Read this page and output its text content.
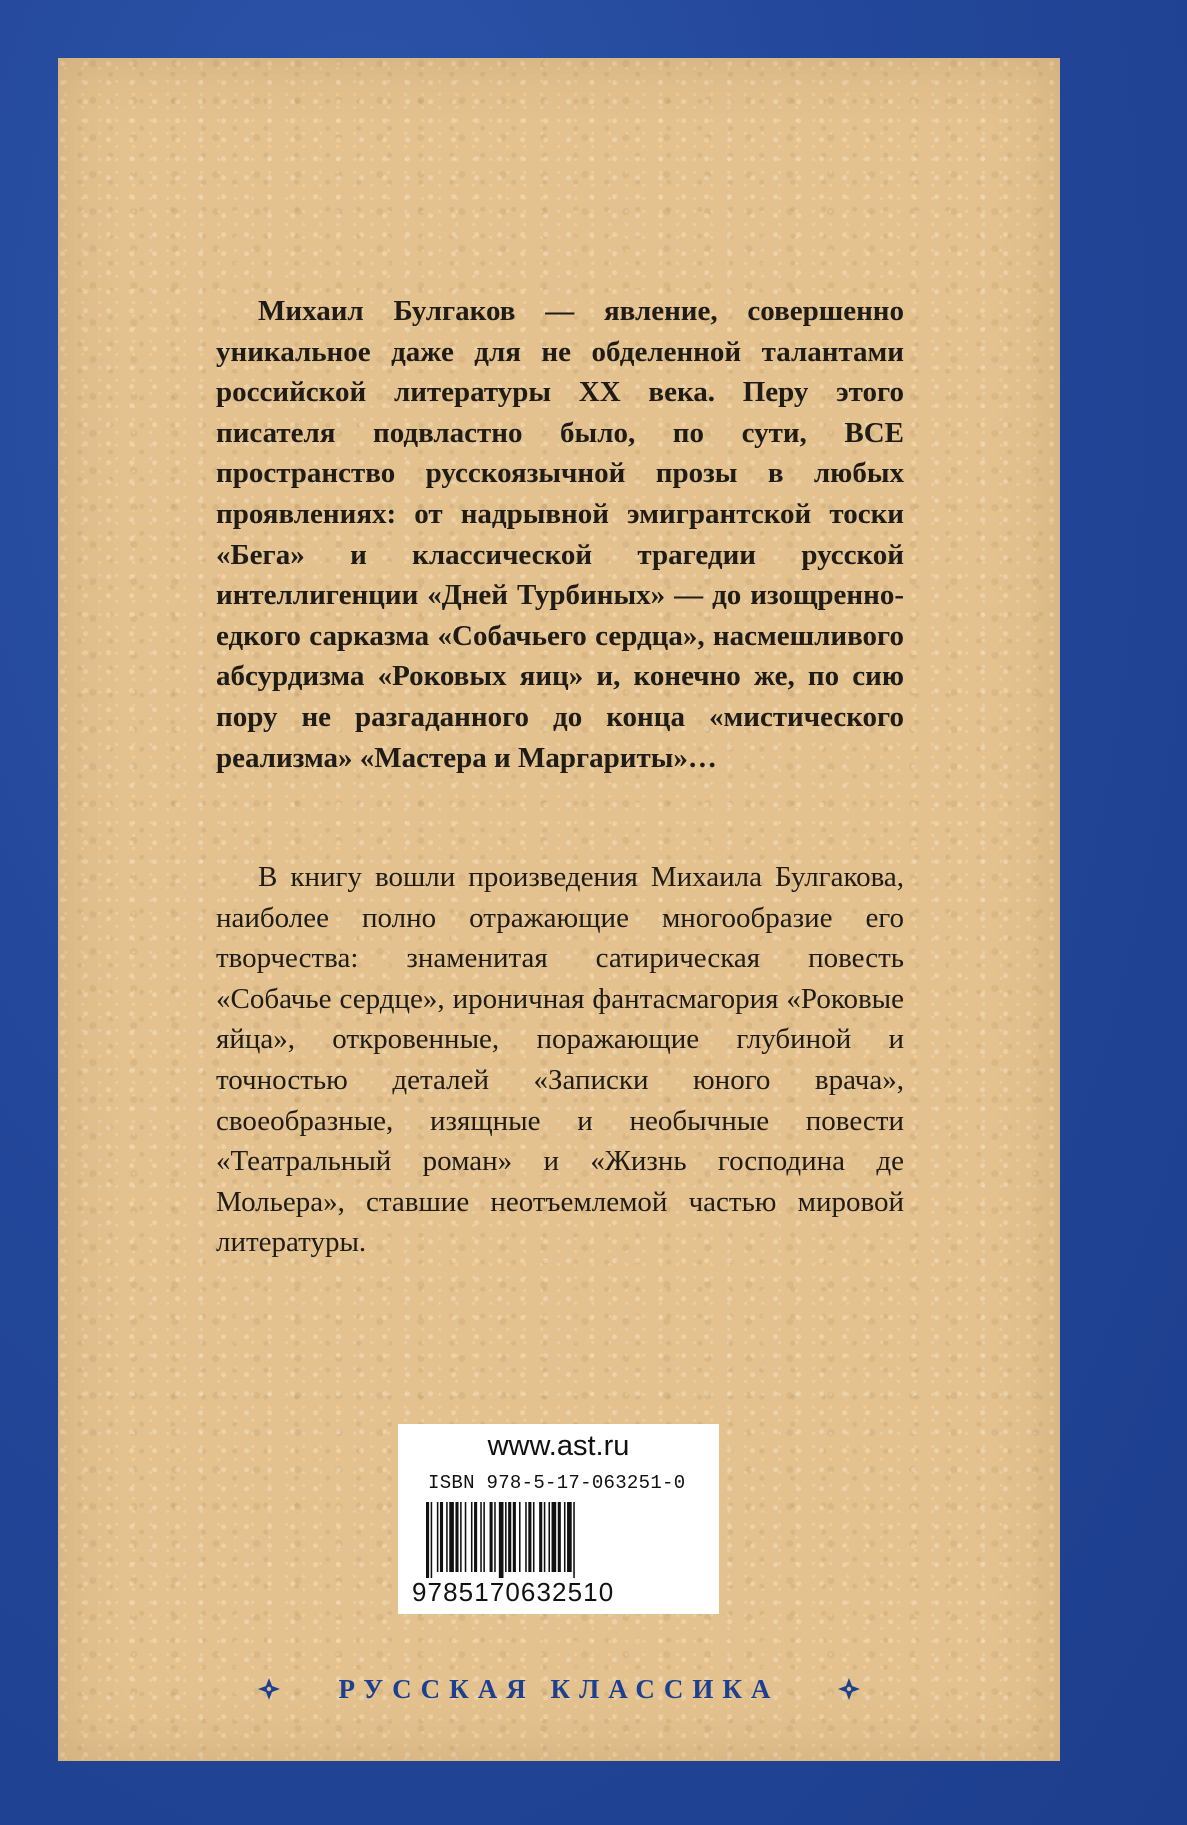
Михаил Булгаков — явление, совершенно уникальное даже для не обделенной талантами российской литературы XX века. Перу этого писателя подвластно было, по сути, ВСЕ пространство русскоязычной прозы в любых проявлениях: от надрывной эмигрантской тоски «Бега» и классической трагедии русской интеллигенции «Дней Турбиных» — до изощренно-едкого сарказма «Собачьего сердца», насмешливого абсурдизма «Роковых яиц» и, конечно же, по сию пору не разгаданного до конца «мистического реализма» «Мастера и Маргариты»…

В книгу вошли произведения Михаила Булгакова, наиболее полно отражающие многообразие его творчества: знаменитая сатирическая повесть «Собачье сердце», ироничная фантасмагория «Роковые яйца», откровенные, поражающие глубиной и точностью деталей «Записки юного врача», своеобразные, изящные и необычные повести «Театральный роман» и «Жизнь господина де Мольера», ставшие неотъемлемой частью мировой литературы.

www.ast.ru
ISBN 978-5-17-063251-0
9785170632510
РУССКАЯ КЛАССИКА
